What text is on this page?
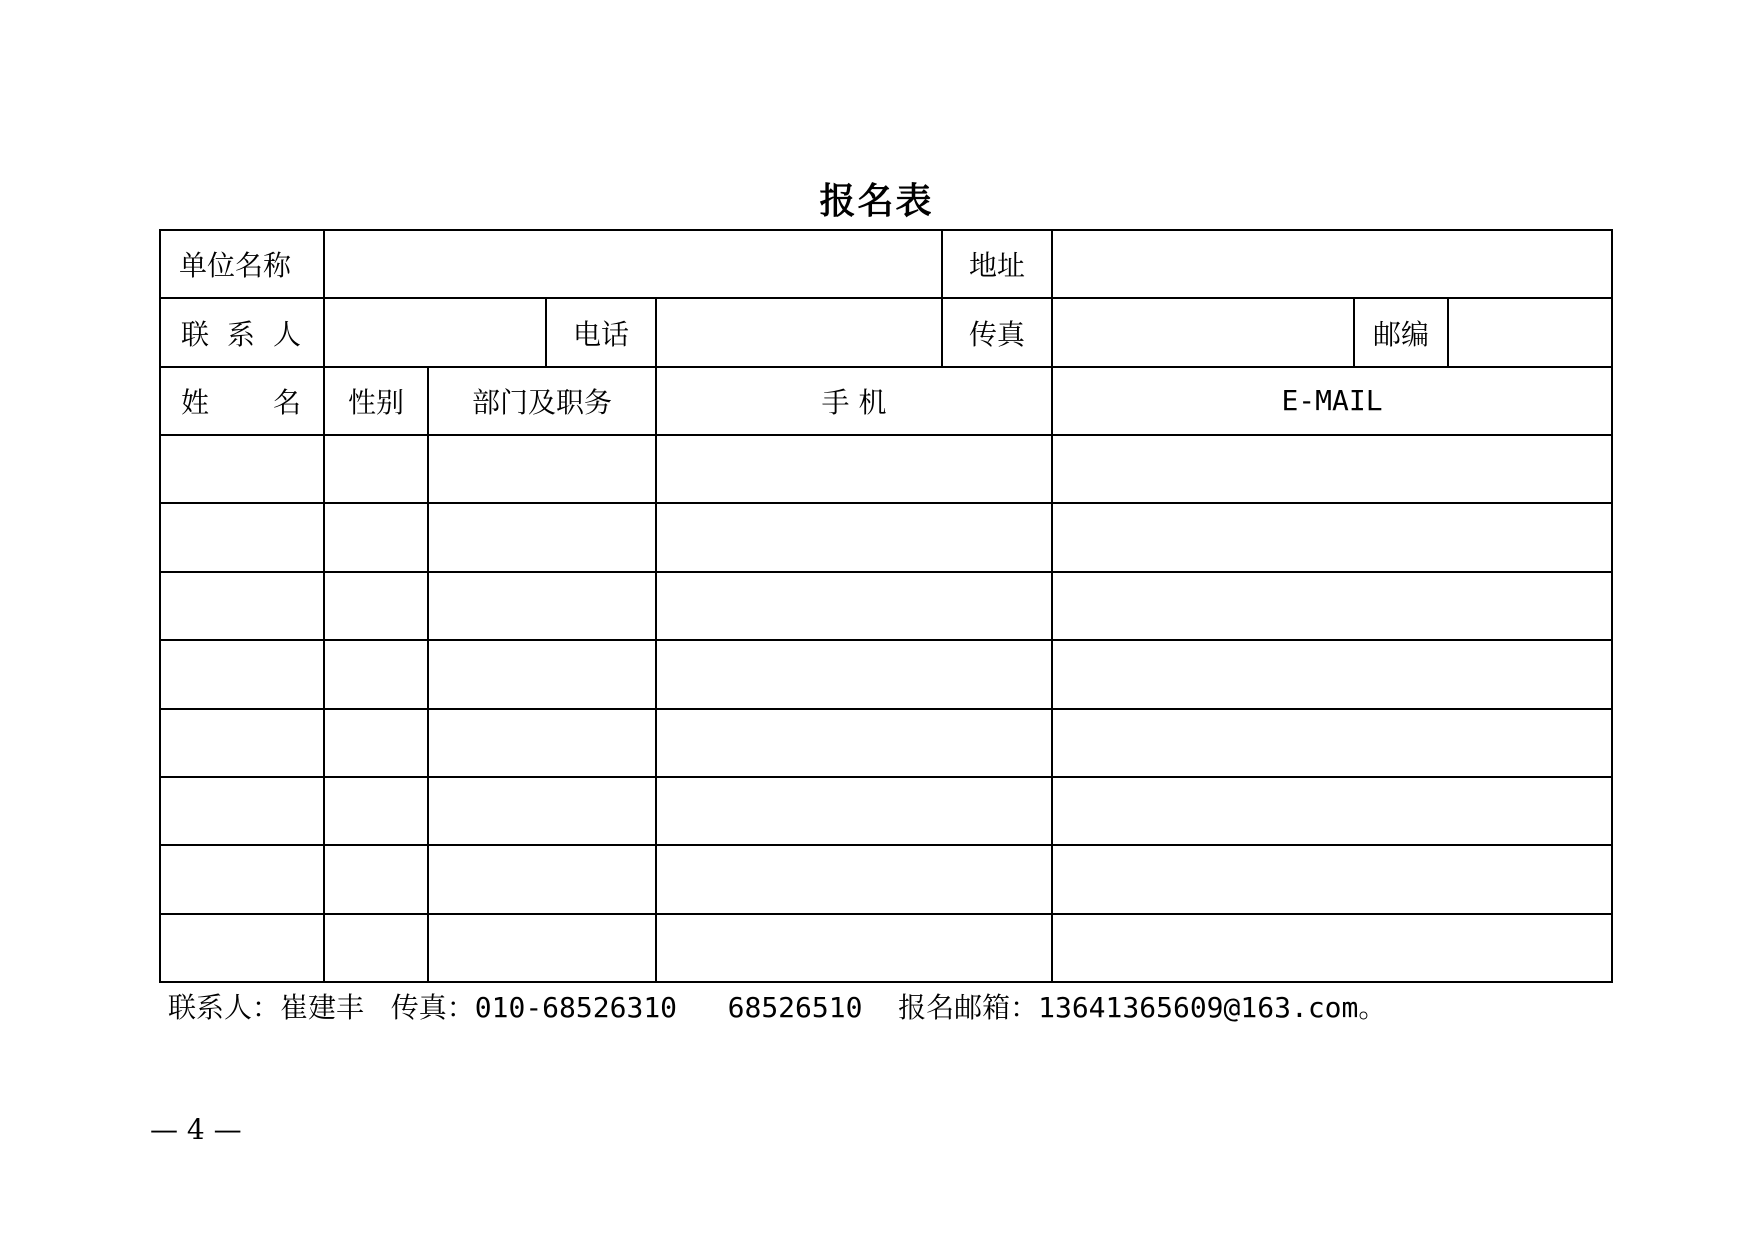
报名表
单位名称					地址			
联 系 人			电话		传真		邮编	
姓 名	性别	部门及职务		手 机		E-MAIL		

联系人：崔建丰 传真：010-68526310   68526510 报名邮箱：13641365609@163.com。
— 4 —
